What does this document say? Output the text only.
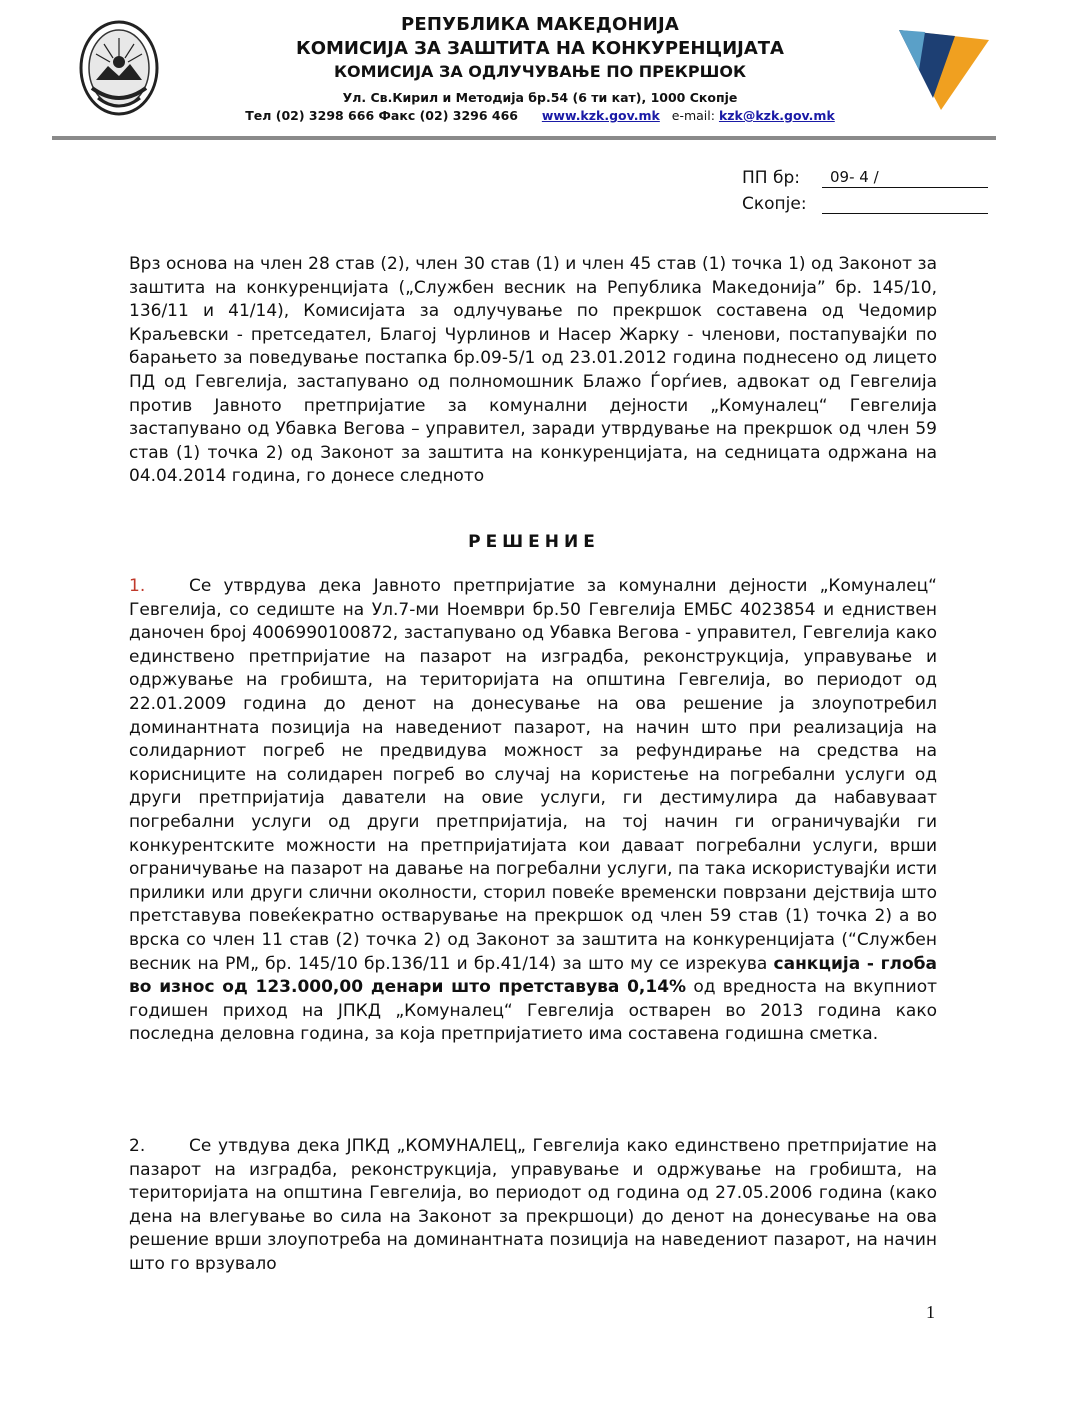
РЕПУБЛИКА МАКЕДОНИЈА
КОМИСИЈА ЗА ЗАШТИТА НА КОНКУРЕНЦИЈАТА
КОМИСИЈА ЗА ОДЛУЧУВАЊЕ ПО ПРЕКРШОК
Ул. Св.Кирил и Методија бр.54 (6 ти кат), 1000 Скопје
Тел (02) 3298 666 Факс (02) 3296 466 www.kzk.gov.mk e-mail: kzk@kzk.gov.mk
ПП бр:	09- 4 /
Скопје:
Врз основа на член 28 став (2), член 30 став (1) и член 45 став (1) точка 1) од Законот за заштита на конкуренцијата („Службен весник на Република Македонија” бр. 145/10, 136/11 и 41/14), Комисијата за одлучување по прекршок составена од Чедомир Краљевски - претседател, Благој Чурлинов и Насер Жарку - членови, постапувајќи по барањето за поведување постапка бр.09-5/1 од 23.01.2012 година поднесено од лицето ПД од Гевгелија, застапувано од полномошник Блажо Ѓорѓиев, адвокат од Гевгелија против Јавното претпријатие за комунални дејности „Комуналец“ Гевгелија застапувано од Убавка Вегова – управител, заради утврдување на прекршок од член 59 став (1) точка 2) од Законот за заштита на конкуренцијата, на седницата одржана на 04.04.2014 година, го донесе следното
РЕШЕНИЕ
1.	Се утврдува дека Јавното претпријатие за комунални дејности „Комуналец“ Гевгелија, со седиште на Ул.7-ми Ноември бр.50 Гевгелија ЕМБС 4023854 и едниствен даночен број 4006990100872, застапувано од Убавка Вегова - управител, Гевгелија како единствено претпријатие на пазарот на изградба, реконструкција, управување и одржување на гробишта, на територијата на општина Гевгелија, во периодот од 22.01.2009 година до денот на донесување на ова решение ја злоупотребил доминантната позиција на наведениот пазарот, на начин што при реализација на солидарниот погреб не предвидува можност за рефундирање на средства на корисниците на солидарен погреб во случај на користење на погребални услуги од други претпријатија даватели на овие услуги, ги дестимулира да набавуваат погребални услуги од други претпријатија, на тој начин ги ограничувајќи ги конкурентските можности на претпријатијата кои даваат погребални услуги, врши ограничување на пазарот на давање на погребални услуги, па така искористувајќи исти прилики или други слични околности, сторил повеќе временски поврзани дејствија што претставува повеќекратно остварување на прекршок од член 59 став (1) точка 2) а во врска со член 11 став (2) точка 2) од Законот за заштита на конкуренцијата (“Службен весник на РМ„ бр. 145/10 бр.136/11 и бр.41/14) за што му се изрекува санкција - глоба во износ од 123.000,00 денари што претставува 0,14% од вредноста на вкупниот годишен приход на ЈПКД „Комуналец“ Гевгелија остварен во 2013 година како последна деловна година, за која претпријатието има составена годишна сметка.
2.	Се утвдува дека ЈПКД „КОМУНАЛЕЦ„ Гевгелија како единствено претпријатие на пазарот на изградба, реконструкција, управување и одржување на гробишта, на територијата на општина Гевгелија, во периодот од година од 27.05.2006 година (како дена на влегување во сила на Законот за прекршоци) до денот на донесување на ова решение врши злоупотреба на доминантната позиција на наведениот пазарот, на начин што го врзувало
1
